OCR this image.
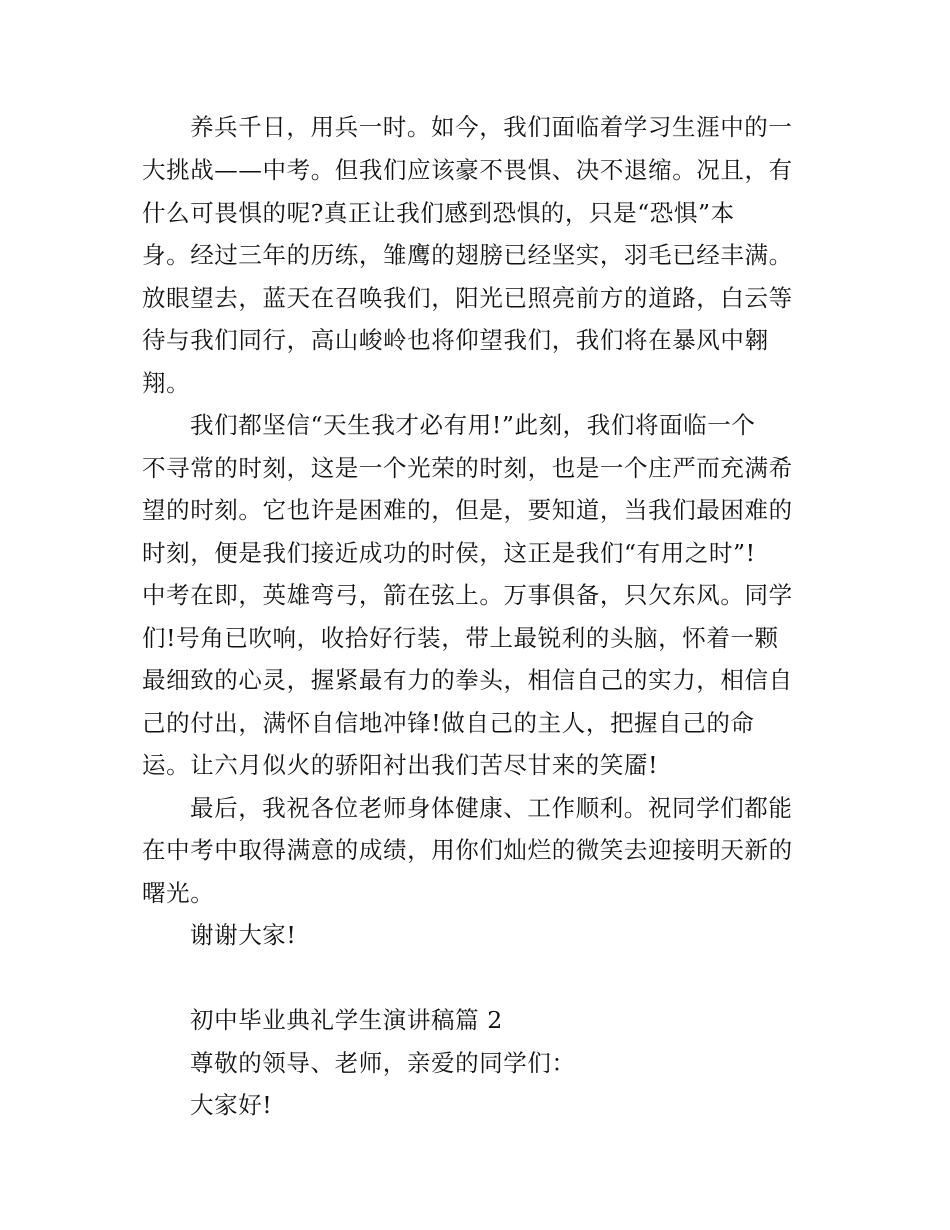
养兵千日，用兵一时。如今，我们面临着学习生涯中的一
大挑战——中考。但我们应该豪不畏惧、决不退缩。况且，有
什么可畏惧的呢?真正让我们感到恐惧的，只是“恐惧”本
身。经过三年的历练，雏鹰的翅膀已经坚实，羽毛已经丰满。
放眼望去，蓝天在召唤我们，阳光已照亮前方的道路，白云等
待与我们同行，高山峻岭也将仰望我们，我们将在暴风中翱
翔。
我们都坚信“天生我才必有用!”此刻，我们将面临一个
不寻常的时刻，这是一个光荣的时刻，也是一个庄严而充满希
望的时刻。它也许是困难的，但是，要知道，当我们最困难的
时刻，便是我们接近成功的时侯，这正是我们“有用之时”!
中考在即，英雄弯弓，箭在弦上。万事俱备，只欠东风。同学
们!号角已吹响，收拾好行装，带上最锐利的头脑，怀着一颗
最细致的心灵，握紧最有力的拳头，相信自己的实力，相信自
己的付出，满怀自信地冲锋!做自己的主人，把握自己的命
运。让六月似火的骄阳衬出我们苦尽甘来的笑靥!
最后，我祝各位老师身体健康、工作顺利。祝同学们都能
在中考中取得满意的成绩，用你们灿烂的微笑去迎接明天新的
曙光。
谢谢大家!
初中毕业典礼学生演讲稿篇 2
尊敬的领导、老师，亲爱的同学们：
大家好!
